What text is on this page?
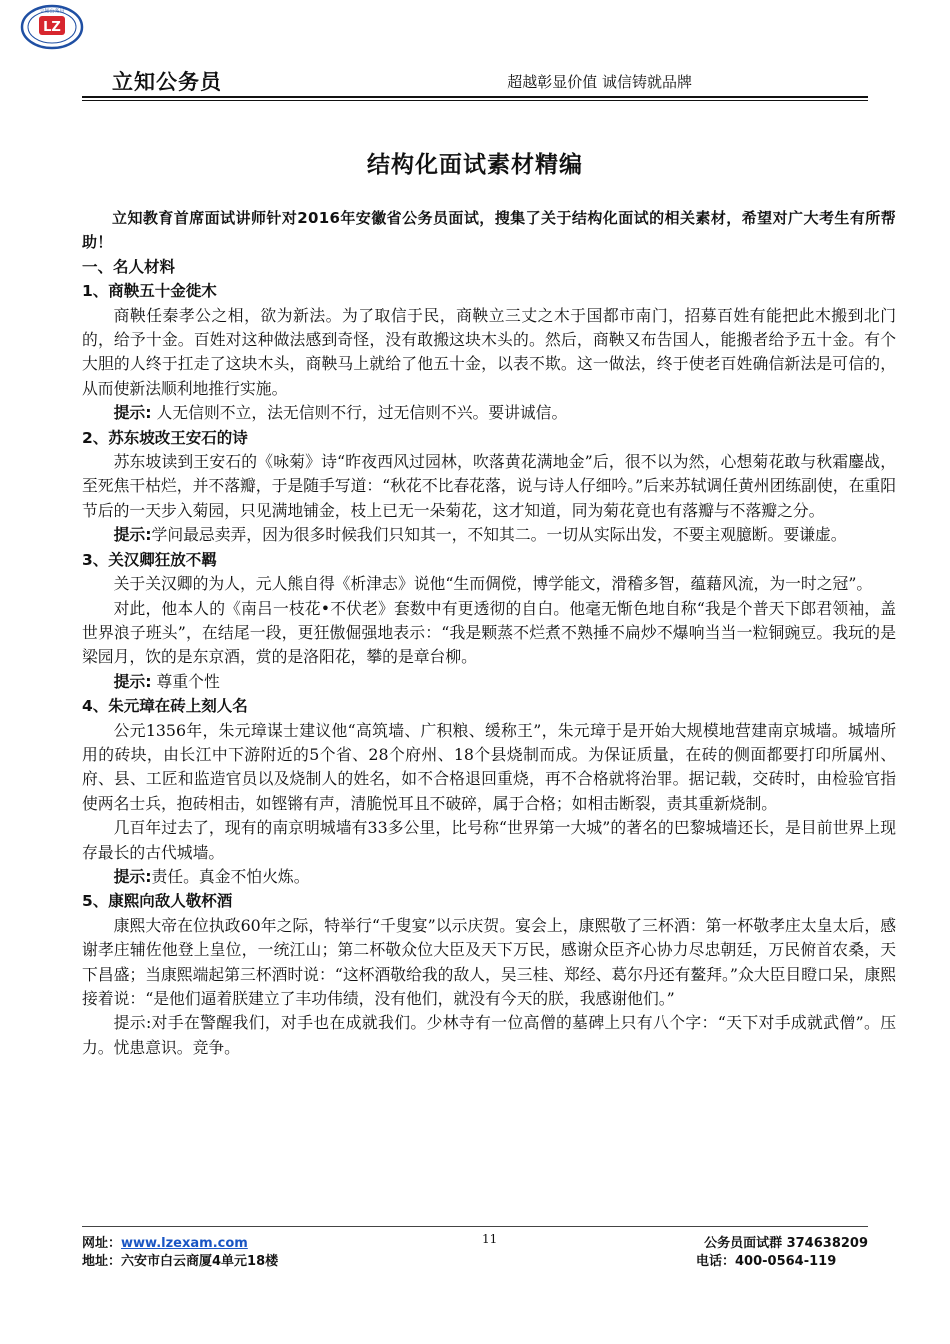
LZ
立知公务员
立知公务员	超越彰显价值 诚信铸就品牌
结构化面试素材精编

立知教育首席面试讲师针对2016年安徽省公务员面试，搜集了关于结构化面试的相关素材，希望对广大考生有所帮助！

一、名人材料

1、商鞅五十金徙木

商鞅任秦孝公之相，欲为新法。为了取信于民，商鞅立三丈之木于国都市南门，招募百姓有能把此木搬到北门的，给予十金。百姓对这种做法感到奇怪，没有敢搬这块木头的。然后，商鞅又布告国人，能搬者给予五十金。有个大胆的人终于扛走了这块木头，商鞅马上就给了他五十金，以表不欺。这一做法，终于使老百姓确信新法是可信的，从而使新法顺利地推行实施。

提示: 人无信则不立，法无信则不行，过无信则不兴。要讲诚信。

2、苏东坡改王安石的诗

苏东坡读到王安石的《咏菊》诗“昨夜西风过园林，吹落黄花满地金”后，很不以为然，心想菊花敢与秋霜鏖战，至死焦干枯烂，并不落瓣，于是随手写道：“秋花不比春花落，说与诗人仔细吟。”后来苏轼调任黄州团练副使，在重阳节后的一天步入菊园，只见满地铺金，枝上已无一朵菊花，这才知道，同为菊花竟也有落瓣与不落瓣之分。

提示:学问最忌卖弄，因为很多时候我们只知其一，不知其二。一切从实际出发，不要主观臆断。要谦虚。

3、关汉卿狂放不羁

关于关汉卿的为人，元人熊自得《析津志》说他“生而倜傥，博学能文，滑稽多智，蕴藉风流，为一时之冠”。

对此，他本人的《南吕一枝花•不伏老》套数中有更透彻的自白。他毫无惭色地自称“我是个普天下郎君领袖，盖世界浪子班头”，在结尾一段，更狂傲倔强地表示：“我是颗蒸不烂煮不熟捶不扁炒不爆响当当一粒铜豌豆。我玩的是梁园月，饮的是东京酒，赏的是洛阳花，攀的是章台柳。

提示: 尊重个性

4、朱元璋在砖上刻人名

公元1356年，朱元璋谋士建议他“高筑墙、广积粮、缓称王”，朱元璋于是开始大规模地营建南京城墙。城墙所用的砖块，由长江中下游附近的5个省、28个府州、18个县烧制而成。为保证质量，在砖的侧面都要打印所属州、府、县、工匠和监造官员以及烧制人的姓名，如不合格退回重烧，再不合格就将治罪。据记载，交砖时，由检验官指使两名士兵，抱砖相击，如铿锵有声，清脆悦耳且不破碎，属于合格；如相击断裂，责其重新烧制。

几百年过去了，现有的南京明城墙有33多公里，比号称“世界第一大城”的著名的巴黎城墙还长，是目前世界上现存最长的古代城墙。

提示:责任。真金不怕火炼。

5、康熙向敌人敬杯酒

康熙大帝在位执政60年之际，特举行“千叟宴”以示庆贺。宴会上，康熙敬了三杯酒：第一杯敬孝庄太皇太后，感谢孝庄辅佐他登上皇位，一统江山；第二杯敬众位大臣及天下万民，感谢众臣齐心协力尽忠朝廷，万民俯首农桑，天下昌盛；当康熙端起第三杯酒时说：“这杯酒敬给我的敌人，吴三桂、郑经、葛尔丹还有鳌拜。”众大臣目瞪口呆，康熙接着说：“是他们逼着朕建立了丰功伟绩，没有他们，就没有今天的朕，我感谢他们。”

提示:对手在警醒我们，对手也在成就我们。少林寺有一位高僧的墓碑上只有八个字：“天下对手成就武僧”。压力。忧患意识。竞争。

网址：www.lzexam.com
地址：六安市白云商厦4单元18楼
11	公务员面试群 374638209
电话：400-0564-119
